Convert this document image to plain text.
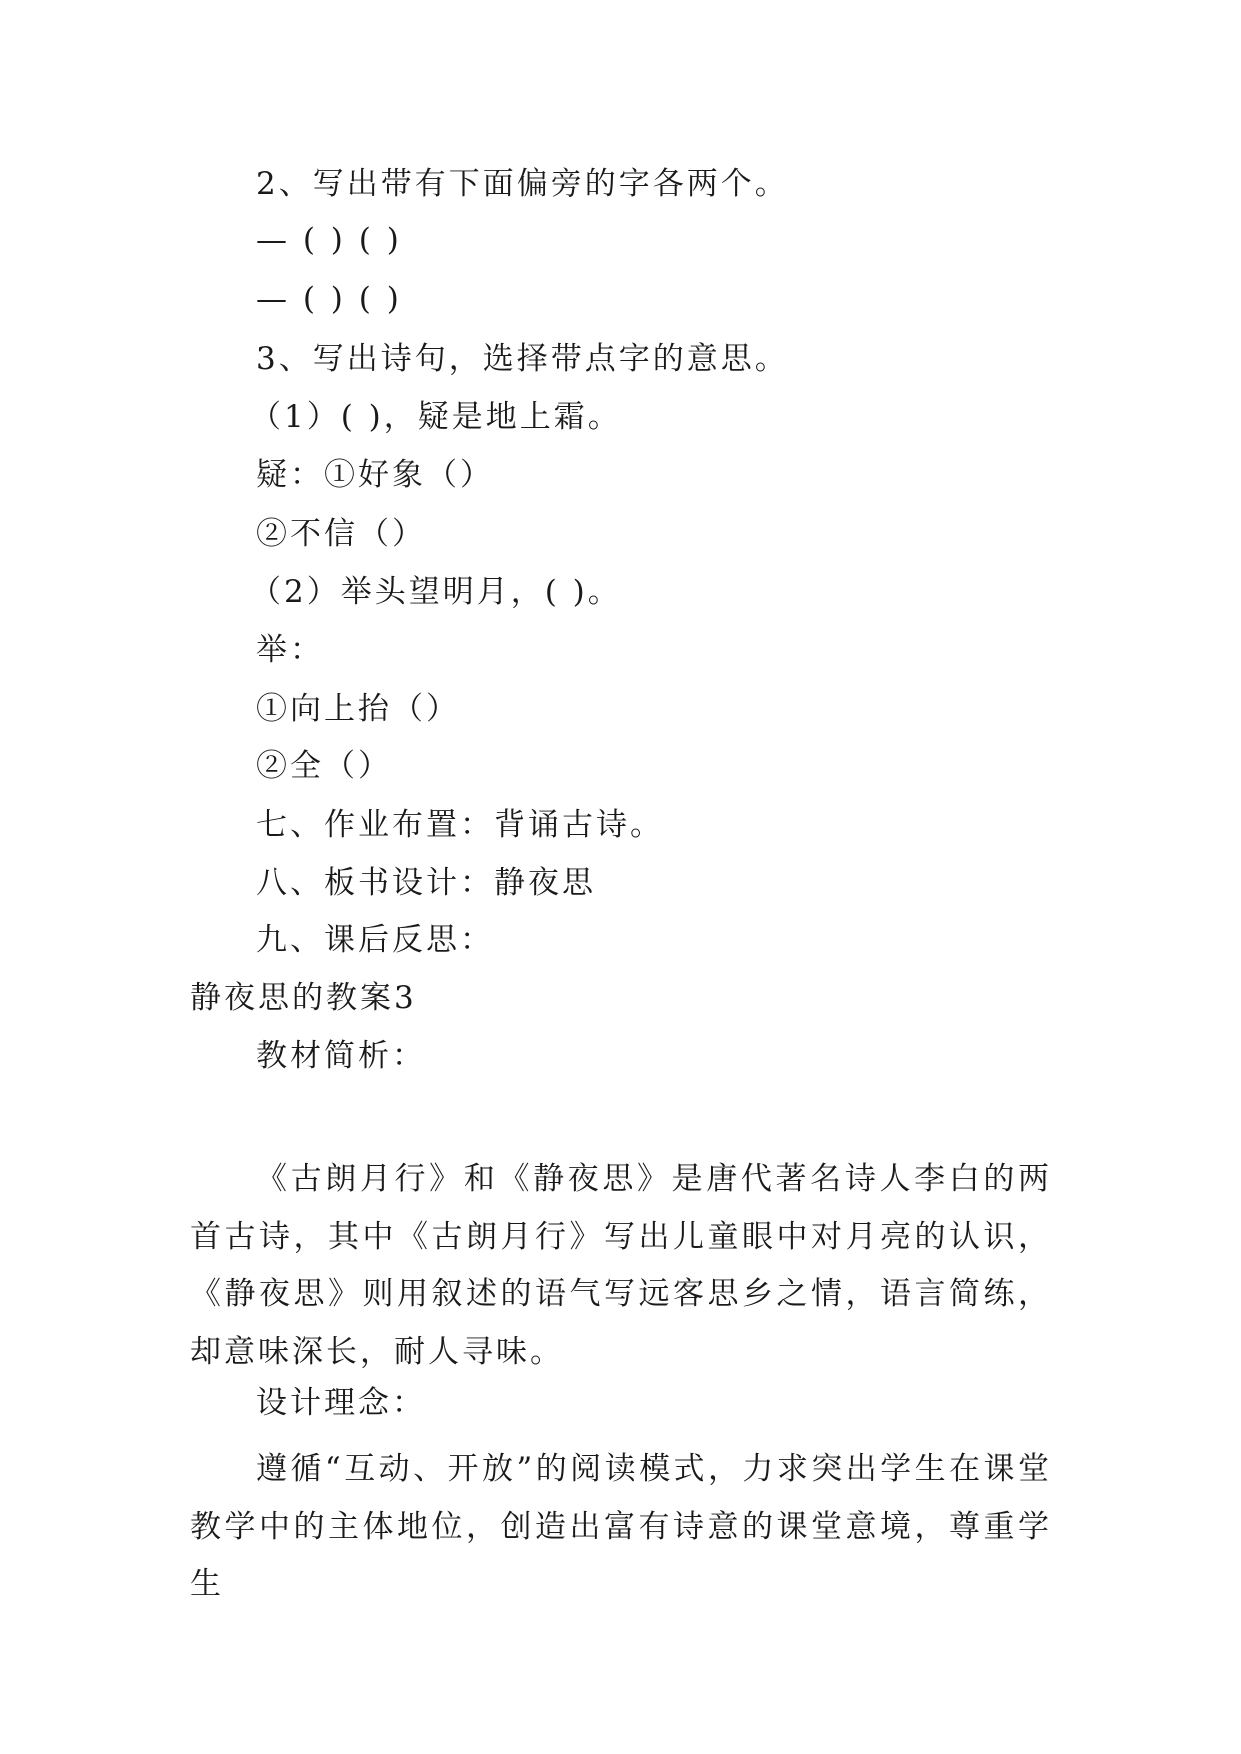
2、写出带有下面偏旁的字各两个。
— ( ) ( )
— ( ) ( )
3、写出诗句，选择带点字的意思。
（1）( )，疑是地上霜。
疑：①好象（）
②不信（）
（2）举头望明月，( )。
举：
①向上抬（）
②全（）
七、作业布置：背诵古诗。
八、板书设计：静夜思
九、课后反思：
静夜思的教案3
教材简析：

《古朗月行》和《静夜思》是唐代著名诗人李白的两首古诗，其中《古朗月行》写出儿童眼中对月亮的认识，《静夜思》则用叙述的语气写远客思乡之情，语言简练，却意味深长，耐人寻味。

设计理念：

遵循“互动、开放”的阅读模式，力求突出学生在课堂教学中的主体地位，创造出富有诗意的课堂意境，尊重学生
